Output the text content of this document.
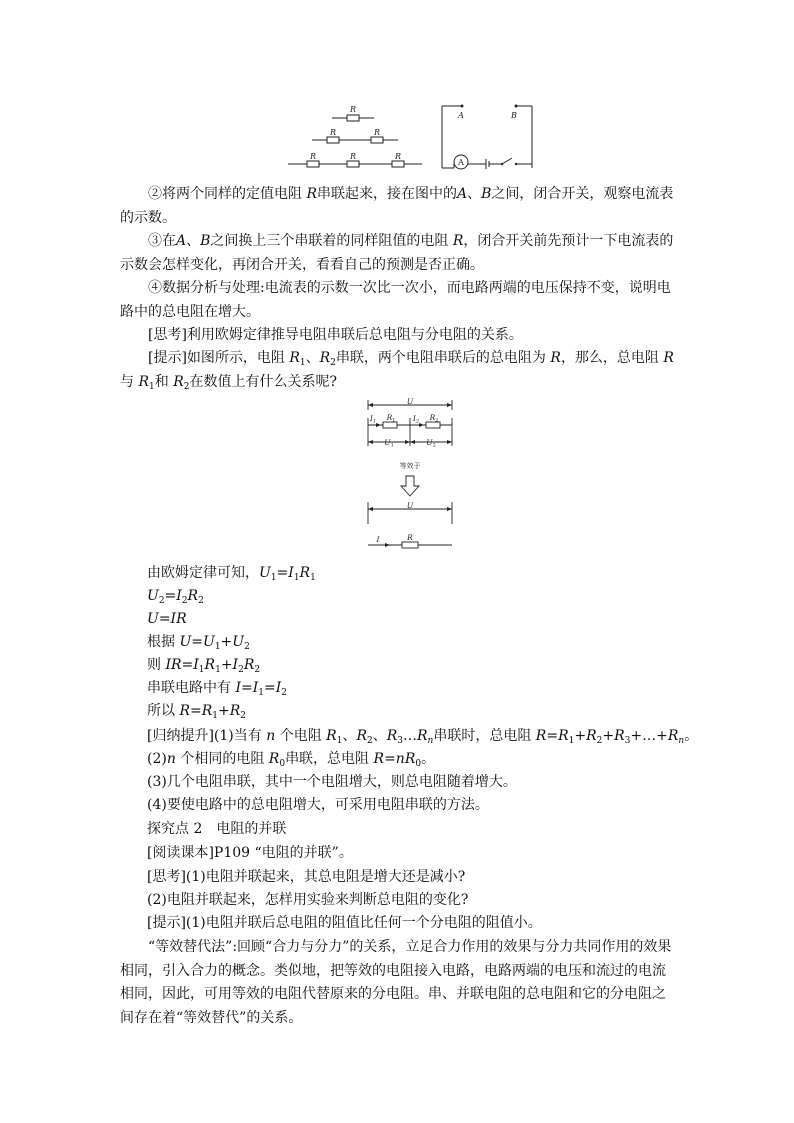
R
R	R
R	R	R
A	B
A

②将两个同样的定值电阻 R串联起来，接在图中的A、B之间，闭合开关，观察电流表的示数。

③在A、B之间换上三个串联着的同样阻值的电阻 R，闭合开关前先预计一下电流表的示数会怎样变化，再闭合开关，看看自己的预测是否正确。

④数据分析与处理:电流表的示数一次比一次小，而电路两端的电压保持不变，说明电路中的总电阻在增大。

[思考]利用欧姆定律推导电阻串联后总电阻与分电阻的关系。

[提示]如图所示，电阻 $R_1$、$R_2$串联，两个电阻串联后的总电阻为 R，那么，总电阻 R与 $R_1$和 $R_2$在数值上有什么关系呢?

U
$I_1$ $R_1$ $I_2$ $R_2$
$U_1$	$U_2$
等效于
U
I	R
由欧姆定律可知，$U_1=I_1R_1$
$U_2=I_2R_2$
U=IR
根据 $U=U_1+U_2$
则 $IR=I_1R_1+I_2R_2$
串联电路中有 $I=I_1=I_2$
所以 $R=R_1+R_2$
[归纳提升](1)当有 n 个电阻 $R_1$、$R_2$、$R_3\dots R_n$串联时，总电阻 $R=R_1+R_2+R_3+\dots+R_n$。
(2)n 个相同的电阻 $R_0$串联，总电阻 $R=nR_0$。
(3)几个电阻串联，其中一个电阻增大，则总电阻随着增大。
(4)要使电路中的总电阻增大，可采用电阻串联的方法。
探究点 2　电阻的并联
[阅读课本]P109 “电阻的并联”。
[思考](1)电阻并联起来，其总电阻是增大还是减小?
(2)电阻并联起来，怎样用实验来判断总电阻的变化?
[提示](1)电阻并联后总电阻的阻值比任何一个分电阻的阻值小。

“等效替代法”:回顾“合力与分力”的关系，立足合力作用的效果与分力共同作用的效果相同，引入合力的概念。类似地，把等效的电阻接入电路，电路两端的电压和流过的电流相同，因此，可用等效的电阻代替原来的分电阻。串、并联电阻的总电阻和它的分电阻之间存在着“等效替代”的关系。
